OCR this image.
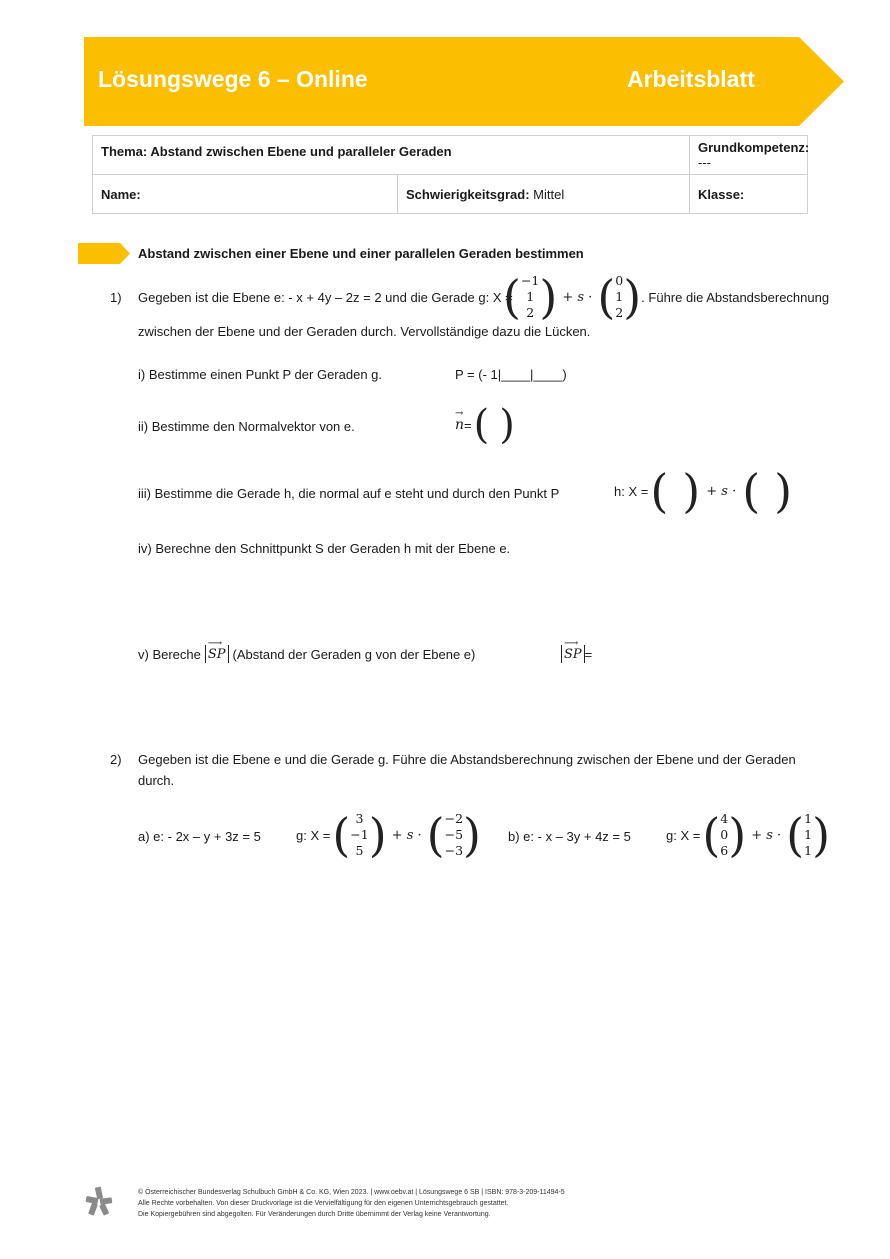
Lösungswege 6 – Online	Arbeitsblatt
Thema: Abstand zwischen Ebene und paralleler Geraden		Grundkompetenz: ---
Name:	Schwierigkeitsgrad: Mittel	Klasse:
Abstand zwischen einer Ebene und einer parallelen Geraden bestimmen
1) Gegeben ist die Ebene e: - x + 4y – 2z = 2 und die Gerade g: X =
( −1
1
2 ) + s · ( 0
1
2 ) . Führe die Abstandsberechnung
zwischen der Ebene und der Geraden durch. Vervollständige dazu die Lücken.
i) Bestimme einen Punkt P der Geraden g.	P = (- 1|____|____)
ii) Bestimme den Normalvektor von e.
→
n = ( )
iii) Bestimme die Gerade h, die normal auf e steht und durch den Punkt P	h: X = ( ) + s · ( )
iv) Berechne den Schnittpunkt S der Geraden h mit der Ebene e.
v) Bereche
⟶
SP (Abstand der Geraden g von der Ebene e)
⟶
SP =
2) Gegeben ist die Ebene e und die Gerade g. Führe die Abstandsberechnung zwischen der Ebene und der Geraden
durch.
a) e: - 2x – y + 3z = 5	g: X = ( 3
−1
5 ) + s · ( −2
−5
−3 ) b) e: - x – 3y + 4z = 5	g: X = ( 4
0
6 ) + s · ( 1
1
1 )
© Österreichischer Bundesverlag Schulbuch GmbH & Co. KG, Wien 2023. | www.oebv.at | Lösungswege 6 SB | ISBN: 978-3-209-11494-5
Alle Rechte vorbehalten. Von dieser Druckvorlage ist die Vervielfältigung für den eigenen Unterrichtsgebrauch gestattet.
Die Kopiergebühren sind abgegolten. Für Veränderungen durch Dritte übernimmt der Verlag keine Verantwortung.
